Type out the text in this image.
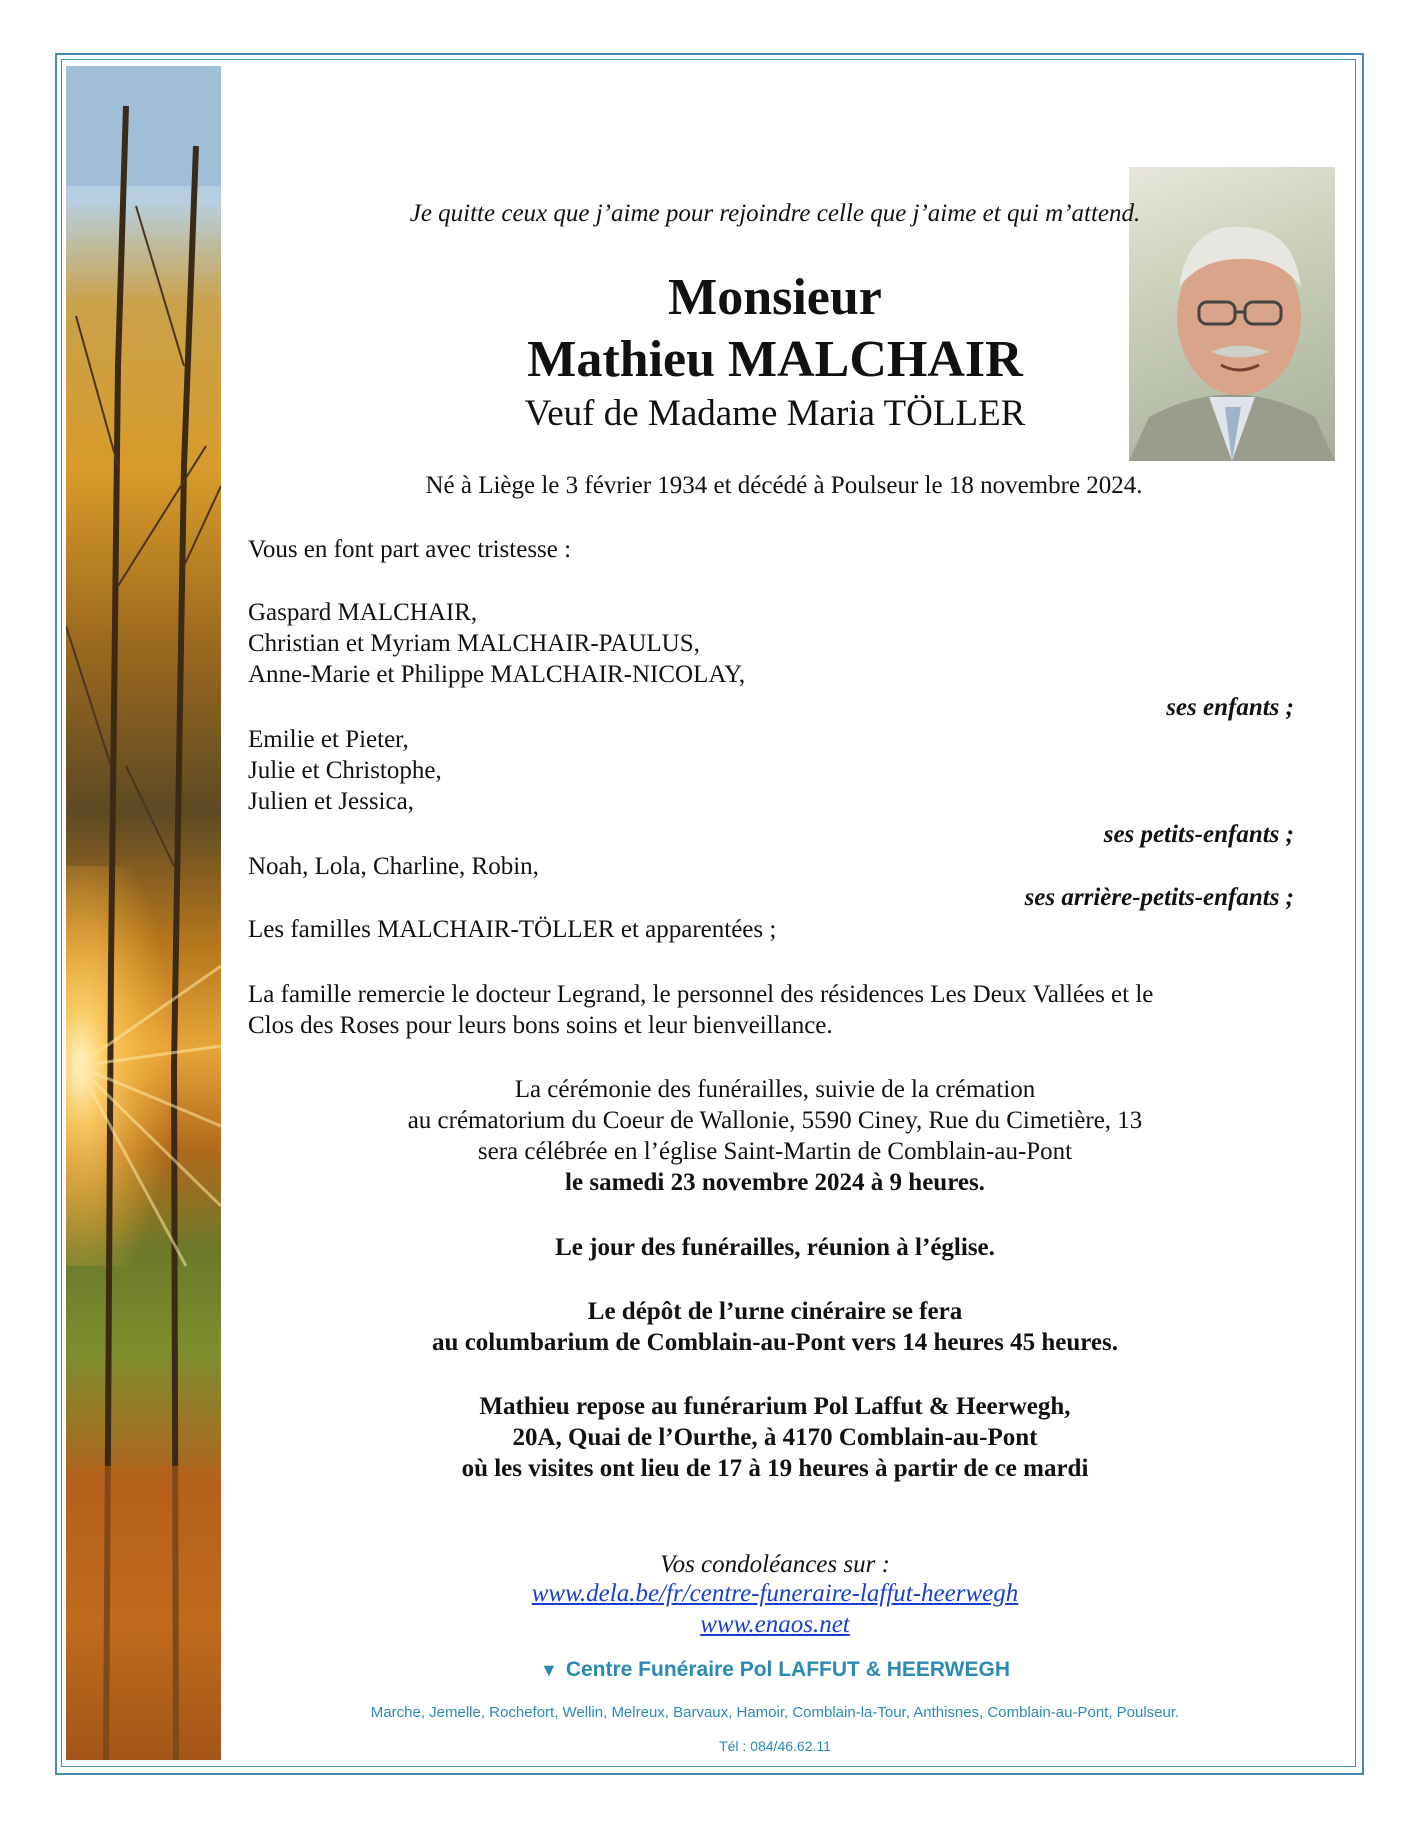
Je quitte ceux que j’aime pour rejoindre celle que j’aime et qui m’attend.

Monsieur

Mathieu MALCHAIR

Veuf de Madame Maria TÖLLER

Né à Liège le 3 février 1934 et décédé à Poulseur le 18 novembre 2024.

Vous en font part avec tristesse :

Gaspard MALCHAIR,

Christian et Myriam MALCHAIR-PAULUS,

Anne-Marie et Philippe MALCHAIR-NICOLAY,

ses enfants ;

Emilie et Pieter,

Julie et Christophe,

Julien et Jessica,

ses petits-enfants ;

Noah, Lola, Charline, Robin,

ses arrière-petits-enfants ;

Les familles MALCHAIR-TÖLLER et apparentées ;

La famille remercie le docteur Legrand, le personnel des résidences Les Deux Vallées et le

Clos des Roses pour leurs bons soins et leur bienveillance.

La cérémonie des funérailles, suivie de la crémation

au crématorium du Coeur de Wallonie, 5590 Ciney, Rue du Cimetière, 13

sera célébrée en l’église Saint-Martin de Comblain-au-Pont

le samedi 23 novembre 2024 à 9 heures.

Le jour des funérailles, réunion à l’église.

Le dépôt de l’urne cinéraire se fera

au columbarium de Comblain-au-Pont vers 14 heures 45 heures.

Mathieu repose au funérarium Pol Laffut & Heerwegh,

20A, Quai de l’Ourthe, à 4170 Comblain-au-Pont

où les visites ont lieu de 17 à 19 heures à partir de ce mardi

Vos condoléances sur :

www.dela.be/fr/centre-funeraire-laffut-heerwegh

www.enaos.net

▼ Centre Funéraire Pol LAFFUT & HEERWEGH

Marche, Jemelle, Rochefort, Wellin, Melreux, Barvaux, Hamoir, Comblain-la-Tour, Anthisnes, Comblain-au-Pont, Poulseur.

Tél : 084/46.62.11
